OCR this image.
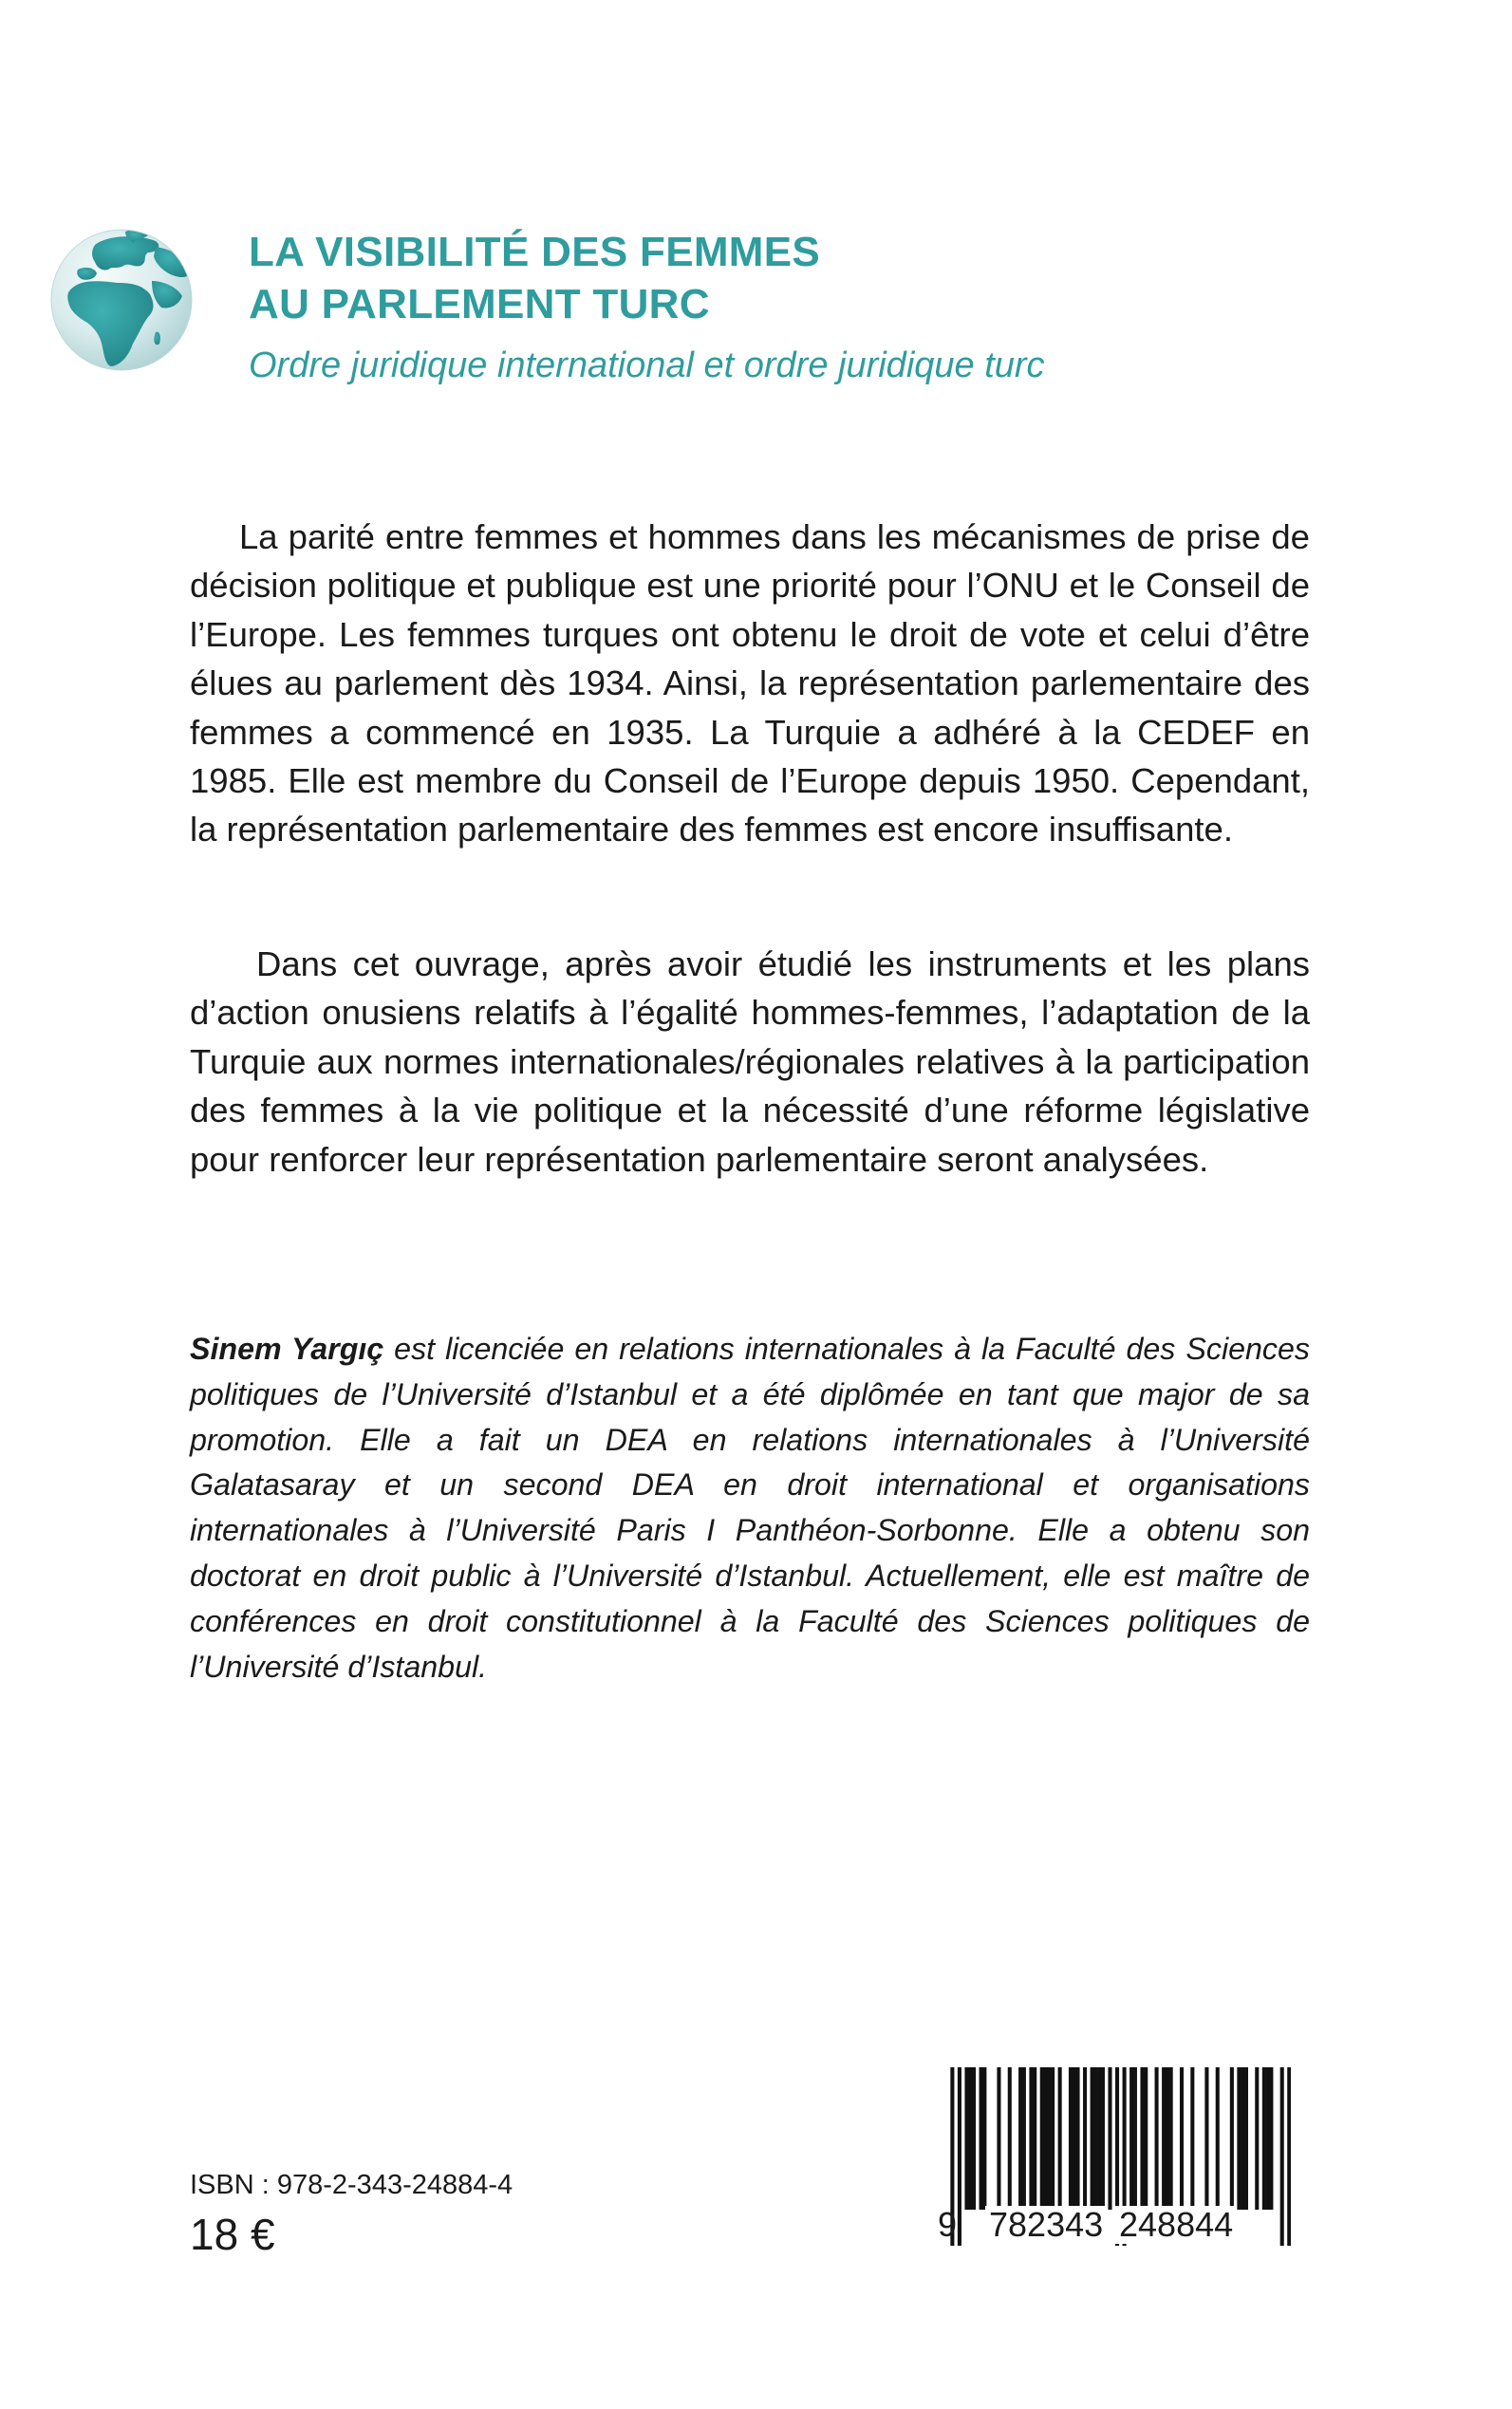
LA VISIBILITÉ DES FEMMES
AU PARLEMENT TURC

Ordre juridique international et ordre juridique turc

La parité entre femmes et hommes dans les mécanismes de prise de décision politique et publique est une priorité pour l’ONU et le Conseil de l’Europe. Les femmes turques ont obtenu le droit de vote et celui d’être élues au parlement dès 1934. Ainsi, la représentation parlementaire des femmes a commencé en 1935. La Turquie a adhéré à la CEDEF en 1985. Elle est membre du Conseil de l’Europe depuis 1950. Cependant, la représentation parlementaire des femmes est encore insuffisante.

Dans cet ouvrage, après avoir étudié les instruments et les plans d’action onusiens relatifs à l’égalité hommes-femmes, l’adaptation de la Turquie aux normes internationales/régionales relatives à la participation des femmes à la vie politique et la nécessité d’une réforme législative pour renforcer leur représentation parlementaire seront analysées.

Sinem Yargıç est licenciée en relations internationales à la Faculté des Sciences politiques de l’Université d’Istanbul et a été diplômée en tant que major de sa promotion. Elle a fait un DEA en relations internationales à l’Université Galatasaray et un second DEA en droit international et organisations internationales à l’Université Paris I Panthéon-Sorbonne. Elle a obtenu son doctorat en droit public à l’Université d’Istanbul. Actuellement, elle est maître de conférences en droit constitutionnel à la Faculté des Sciences politiques de l’Université d’Istanbul.

ISBN : 978-2-343-24884-4
18 €	9 782343 248844
